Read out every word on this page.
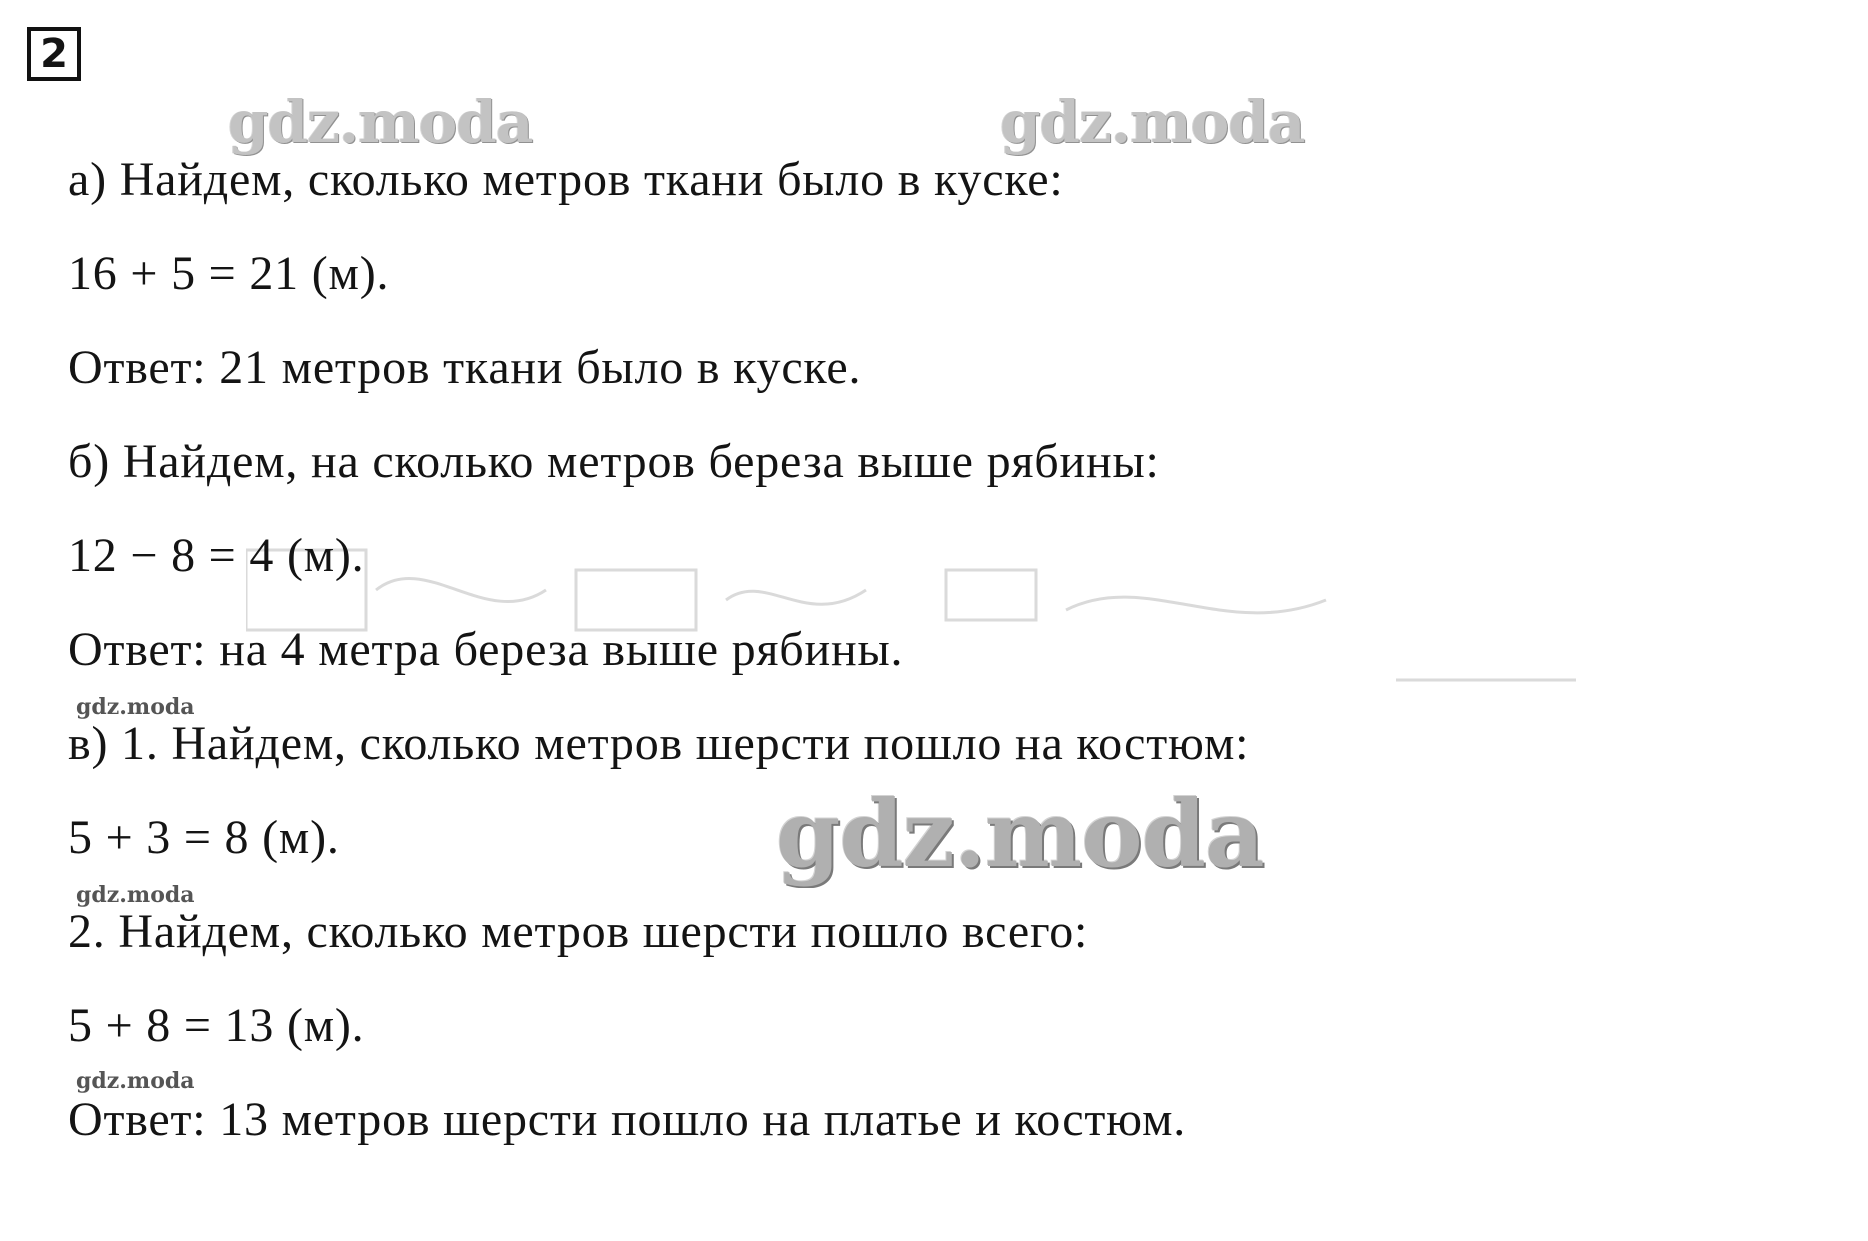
2
gdz.moda	gdz.moda
а) Найдем, сколько метров ткани было в куске:
16 + 5 = 21 (м).
Ответ: 21 метров ткани было в куске.
б) Найдем, на сколько метров береза выше рябины:
12 − 8 = 4 (м).
Ответ: на 4 метра береза выше рябины.
gdz.moda
в) 1. Найдем, сколько метров шерсти пошло на костюм:
5 + 3 = 8 (м).
gdz.moda
2. Найдем, сколько метров шерсти пошло всего:
5 + 8 = 13 (м).
gdz.moda
Ответ: 13 метров шерсти пошло на платье и костюм.
gdz.moda
